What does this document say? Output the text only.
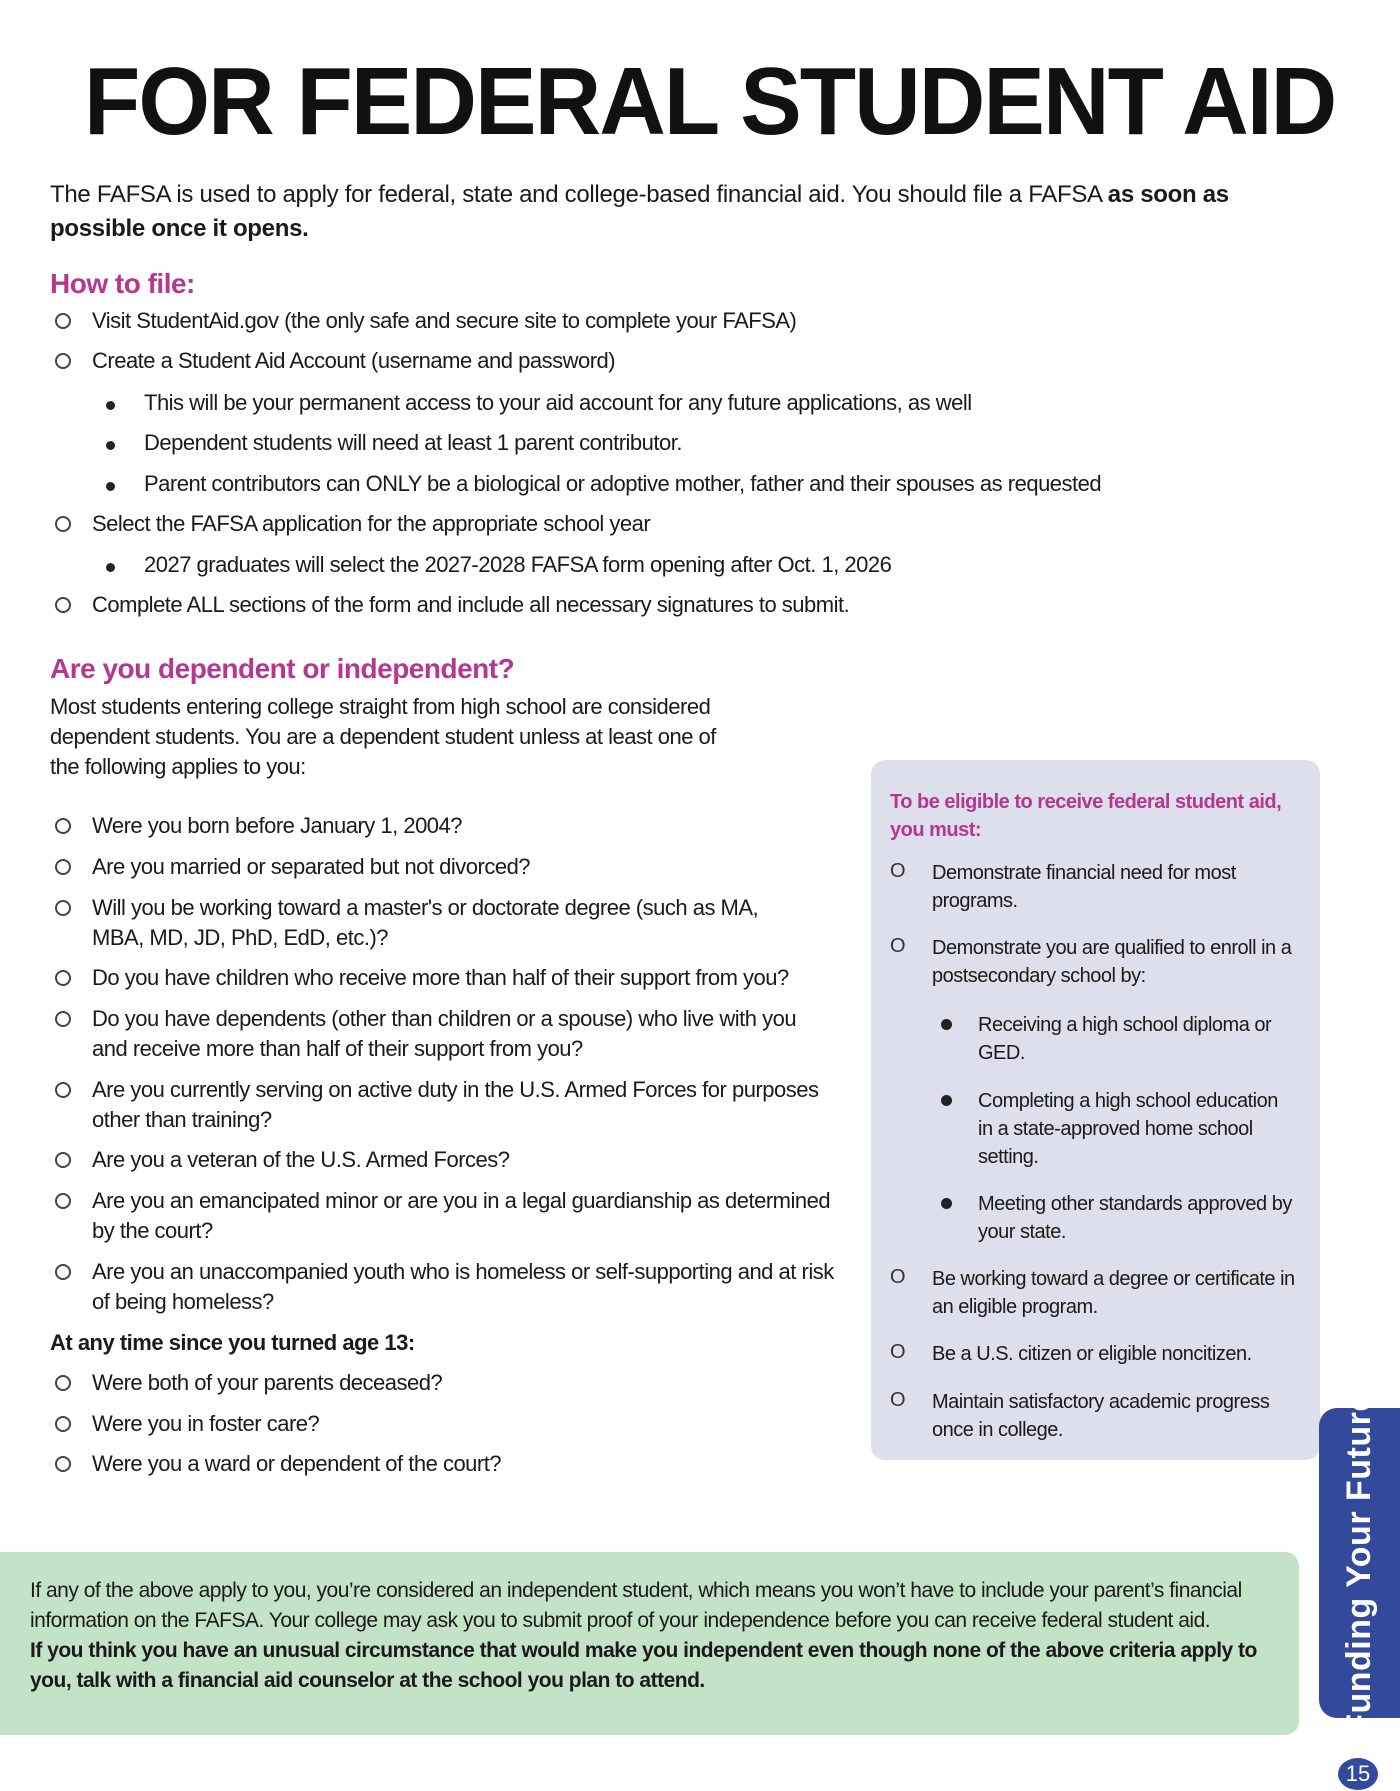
FOR FEDERAL STUDENT AID
The FAFSA is used to apply for federal, state and college-based financial aid. You should file a FAFSA as soon as possible once it opens.
How to file:
Visit StudentAid.gov (the only safe and secure site to complete your FAFSA)
Create a Student Aid Account (username and password)
This will be your permanent access to your aid account for any future applications, as well
Dependent students will need at least 1 parent contributor.
Parent contributors can ONLY be a biological or adoptive mother, father and their spouses as requested
Select the FAFSA application for the appropriate school year
2027 graduates will select the 2027-2028 FAFSA form opening after Oct. 1, 2026
Complete ALL sections of the form and include all necessary signatures to submit.
Are you dependent or independent?
Most students entering college straight from high school are considered dependent students. You are a dependent student unless at least one of the following applies to you:
Were you born before January 1, 2004?
Are you married or separated but not divorced?
Will you be working toward a master's or doctorate degree (such as MA, MBA, MD, JD, PhD, EdD, etc.)?
Do you have children who receive more than half of their support from you?
Do you have dependents (other than children or a spouse) who live with you and receive more than half of their support from you?
Are you currently serving on active duty in the U.S. Armed Forces for purposes other than training?
Are you a veteran of the U.S. Armed Forces?
Are you an emancipated minor or are you in a legal guardianship as determined by the court?
Are you an unaccompanied youth who is homeless or self-supporting and at risk of being homeless?
At any time since you turned age 13:
Were both of your parents deceased?
Were you in foster care?
Were you a ward or dependent of the court?
To be eligible to receive federal student aid, you must:
O Demonstrate financial need for most programs.
O Demonstrate you are qualified to enroll in a postsecondary school by:
Receiving a high school diploma or GED.
Completing a high school education in a state-approved home school setting.
Meeting other standards approved by your state.
O Be working toward a degree or certificate in an eligible program.
O Be a U.S. citizen or eligible noncitizen.
O Maintain satisfactory academic progress once in college.
If any of the above apply to you, you’re considered an independent student, which means you won’t have to include your parent’s financial information on the FAFSA. Your college may ask you to submit proof of your independence before you can receive federal student aid.
If you think you have an unusual circumstance that would make you independent even though none of the above criteria apply to you, talk with a financial aid counselor at the school you plan to attend.	Funding Your Future
15
